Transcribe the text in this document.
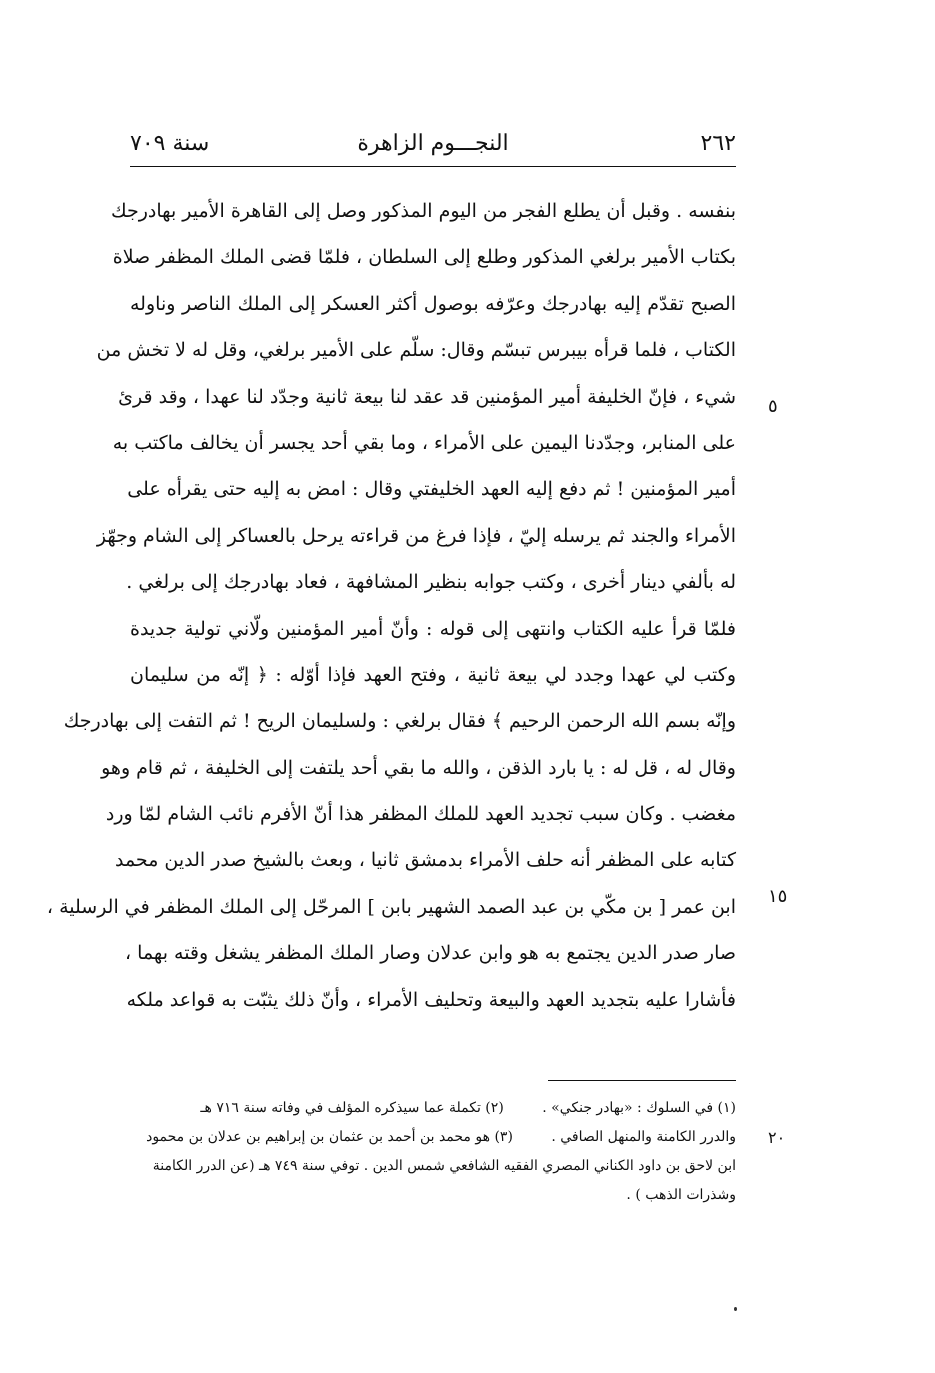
٢٦٢
النجـــوم الزاهرة
سنة ٧٠٩
بنفسه . وقبل أن يطلع الفجر من اليوم المذكور وصل إلى القاهرة الأمير بهادرجك
بكتاب الأمير برلغي المذكور وطلع إلى السلطان ، فلمّا قضى الملك المظفر صلاة
الصبح تقدّم إليه بهادرجك وعرّفه بوصول أكثر العسكر إلى الملك الناصر وناوله
الكتاب ، فلما قرأه بيبرس تبسّم وقال: سلّم على الأمير برلغي، وقل له لا تخش من
شيء ، فإنّ الخليفة أمير المؤمنين قد عقد لنا بيعة ثانية وجدّد لنا عهدا ، وقد قرئ
على المنابر، وجدّدنا اليمين على الأمراء ، وما بقي أحد يجسر أن يخالف ماكتب به
أمير المؤمنين ! ثم دفع إليه العهد الخليفتي وقال : امض به إليه حتى يقرأه على
الأمراء والجند ثم يرسله إليّ ، فإذا فرغ من قراءته يرحل بالعساكر إلى الشام وجهّز
له بألفي دينار أخرى ، وكتب جوابه بنظير المشافهة ، فعاد بهادرجك إلى برلغي .
فلمّا قرأ عليه الكتاب وانتهى إلى قوله : وأنّ أمير المؤمنين ولّاني تولية جديدة
وكتب لي عهدا وجدد لي بيعة ثانية ، وفتح العهد فإذا أوّله : ﴿ إنّه من سليمان
وإنّه بسم الله الرحمن الرحيم ﴾ فقال برلغي : ولسليمان الريح ! ثم التفت إلى بهادرجك
وقال له ، قل له : يا بارد الذقن ، والله ما بقي أحد يلتفت إلى الخليفة ، ثم قام وهو
مغضب . وكان سبب تجديد العهد للملك المظفر هذا أنّ الأفرم نائب الشام لمّا ورد
كتابه على المظفر أنه حلف الأمراء بدمشق ثانيا ، وبعث بالشيخ صدر الدين محمد
ابن عمر [ بن مكّي بن عبد الصمد الشهير بابن ] المرحّل إلى الملك المظفر في الرسلية ،
صار صدر الدين يجتمع به هو وابن عدلان وصار الملك المظفر يشغل وقته بهما ،
فأشارا عليه بتجديد العهد والبيعة وتحليف الأمراء ، وأنّ ذلك يثبّت به قواعد ملكه
٥
١٥
(١) في السلوك : «بهادر جنكي» . (٢) تكملة عما سيذكره المؤلف في وفاته سنة ٧١٦ هـ
والدرر الكامنة والمنهل الصافي . (٣) هو محمد بن أحمد بن عثمان بن إبراهيم بن عدلان بن محمود
ابن لاحق بن داود الكناني المصري الفقيه الشافعي شمس الدين . توفي سنة ٧٤٩ هـ (عن الدرر الكامنة
وشذرات الذهب ) .
٢٠
